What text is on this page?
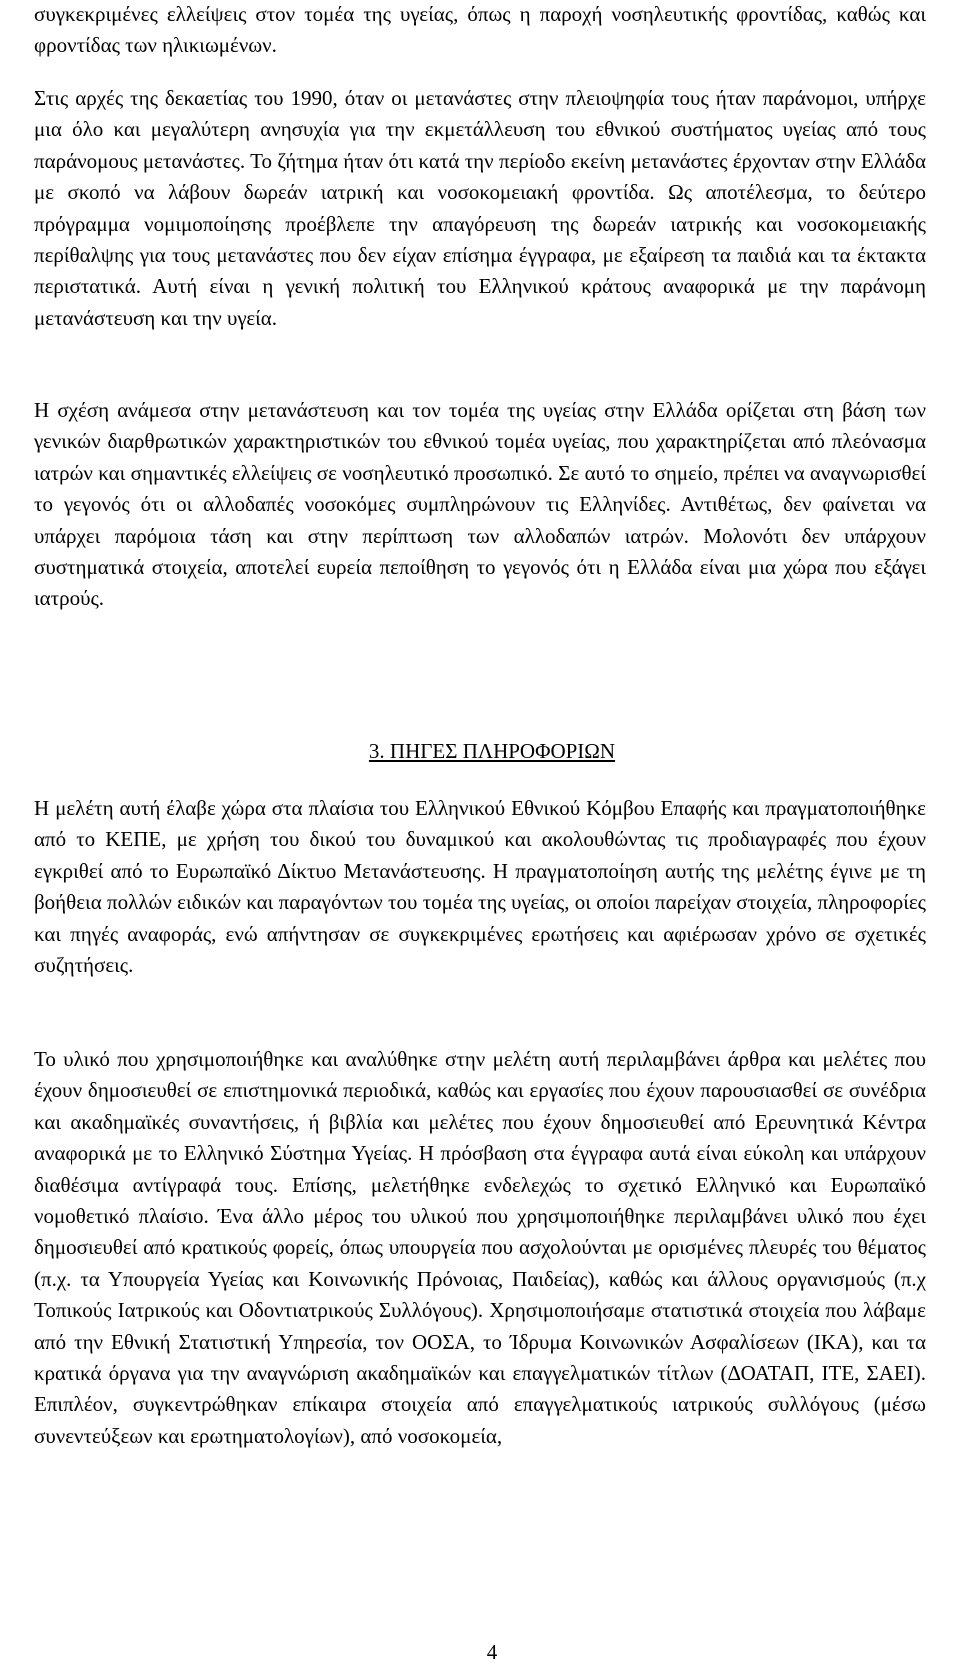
συγκεκριμένες ελλείψεις στον τομέα της υγείας, όπως η παροχή νοσηλευτικής φροντίδας, καθώς και φροντίδας των ηλικιωμένων.

Στις αρχές της δεκαετίας του 1990, όταν οι μετανάστες στην πλειοψηφία τους ήταν παράνομοι, υπήρχε μια όλο και μεγαλύτερη ανησυχία για την εκμετάλλευση του εθνικού συστήματος υγείας από τους παράνομους μετανάστες. Το ζήτημα ήταν ότι κατά την περίοδο εκείνη μετανάστες έρχονταν στην Ελλάδα με σκοπό να λάβουν δωρεάν ιατρική και νοσοκομειακή φροντίδα. Ως αποτέλεσμα, το δεύτερο πρόγραμμα νομιμοποίησης προέβλεπε την απαγόρευση της δωρεάν ιατρικής και νοσοκομειακής περίθαλψης για τους μετανάστες που δεν είχαν επίσημα έγγραφα, με εξαίρεση τα παιδιά και τα έκτακτα περιστατικά. Αυτή είναι η γενική πολιτική του Ελληνικού κράτους αναφορικά με την παράνομη μετανάστευση και την υγεία.

Η σχέση ανάμεσα στην μετανάστευση και τον τομέα της υγείας στην Ελλάδα ορίζεται στη βάση των γενικών διαρθρωτικών χαρακτηριστικών του εθνικού τομέα υγείας, που χαρακτηρίζεται από πλεόνασμα ιατρών και σημαντικές ελλείψεις σε νοσηλευτικό προσωπικό. Σε αυτό το σημείο, πρέπει να αναγνωρισθεί το γεγονός ότι οι αλλοδαπές νοσοκόμες συμπληρώνουν τις Ελληνίδες. Αντιθέτως, δεν φαίνεται να υπάρχει παρόμοια τάση και στην περίπτωση των αλλοδαπών ιατρών. Μολονότι δεν υπάρχουν συστηματικά στοιχεία, αποτελεί ευρεία πεποίθηση το γεγονός ότι η Ελλάδα είναι μια χώρα που εξάγει ιατρούς.

3. ΠΗΓΕΣ ΠΛΗΡΟΦΟΡΙΩΝ

Η μελέτη αυτή έλαβε χώρα στα πλαίσια του Ελληνικού Εθνικού Κόμβου Επαφής και πραγματοποιήθηκε από το ΚΕΠΕ, με χρήση του δικού του δυναμικού και ακολουθώντας τις προδιαγραφές που έχουν εγκριθεί από το Ευρωπαϊκό Δίκτυο Μετανάστευσης. Η πραγματοποίηση αυτής της μελέτης έγινε με τη βοήθεια πολλών ειδικών και παραγόντων του τομέα της υγείας, οι οποίοι παρείχαν στοιχεία, πληροφορίες και πηγές αναφοράς, ενώ απήντησαν σε συγκεκριμένες ερωτήσεις και αφιέρωσαν χρόνο σε σχετικές συζητήσεις.

Το υλικό που χρησιμοποιήθηκε και αναλύθηκε στην μελέτη αυτή περιλαμβάνει άρθρα και μελέτες που έχουν δημοσιευθεί σε επιστημονικά περιοδικά, καθώς και εργασίες που έχουν παρουσιασθεί σε συνέδρια και ακαδημαϊκές συναντήσεις, ή βιβλία και μελέτες που έχουν δημοσιευθεί από Ερευνητικά Κέντρα αναφορικά με το Ελληνικό Σύστημα Υγείας. Η πρόσβαση στα έγγραφα αυτά είναι εύκολη και υπάρχουν διαθέσιμα αντίγραφά τους. Επίσης, μελετήθηκε ενδελεχώς το σχετικό Ελληνικό και Ευρωπαϊκό νομοθετικό πλαίσιο. Ένα άλλο μέρος του υλικού που χρησιμοποιήθηκε περιλαμβάνει υλικό που έχει δημοσιευθεί από κρατικούς φορείς, όπως υπουργεία που ασχολούνται με ορισμένες πλευρές του θέματος (π.χ. τα Υπουργεία Υγείας και Κοινωνικής Πρόνοιας, Παιδείας), καθώς και άλλους οργανισμούς (π.χ Τοπικούς Ιατρικούς και Οδοντιατρικούς Συλλόγους). Χρησιμοποιήσαμε στατιστικά στοιχεία που λάβαμε από την Εθνική Στατιστική Υπηρεσία, τον ΟΟΣΑ, το Ίδρυμα Κοινωνικών Ασφαλίσεων (ΙΚΑ), και τα κρατικά όργανα για την αναγνώριση ακαδημαϊκών και επαγγελματικών τίτλων (ΔΟΑΤΑΠ, ΙΤΕ, ΣΑΕΙ). Επιπλέον, συγκεντρώθηκαν επίκαιρα στοιχεία από επαγγελματικούς ιατρικούς συλλόγους (μέσω συνεντεύξεων και ερωτηματολογίων), από νοσοκομεία,

4
